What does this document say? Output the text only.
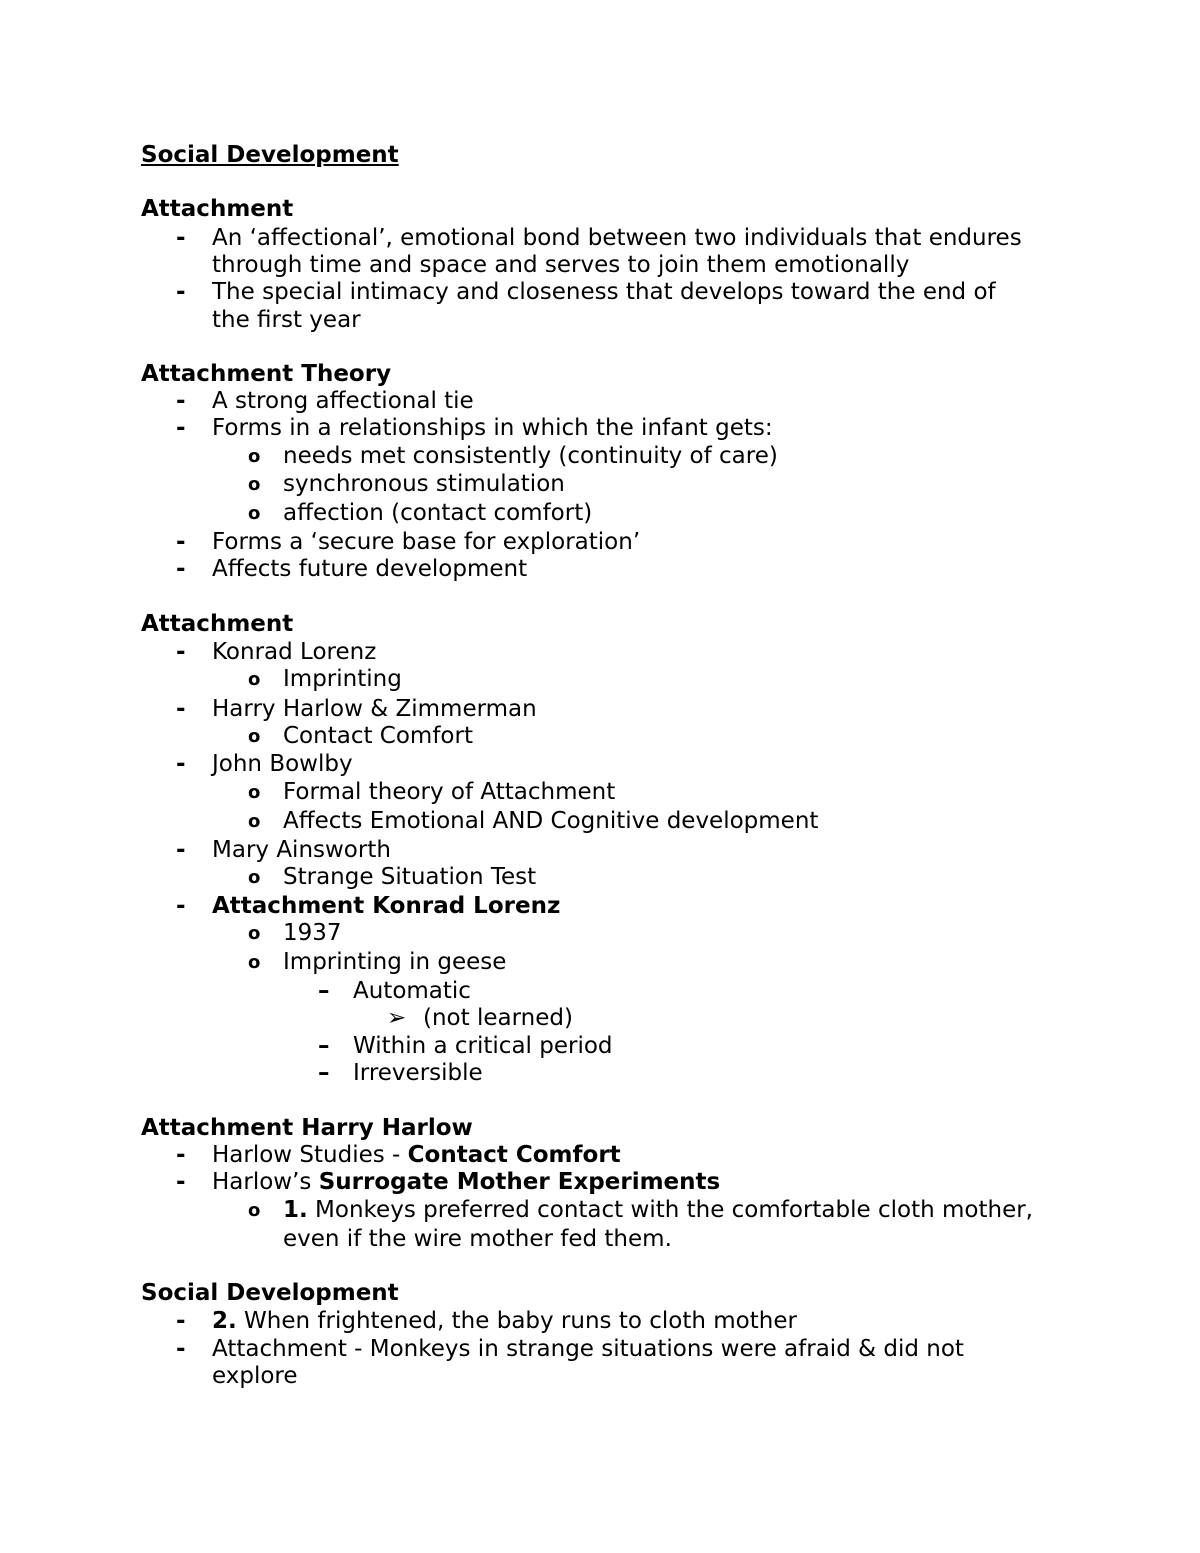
Social Development
Attachment
- An ‘affectional’, emotional bond between two individuals that endures
through time and space and serves to join them emotionally
- The special intimacy and closeness that develops toward the end of
the first year
Attachment Theory
- A strong affectional tie
- Forms in a relationships in which the infant gets:
o needs met consistently (continuity of care)
o synchronous stimulation
o affection (contact comfort)
- Forms a ‘secure base for exploration’
- Affects future development
Attachment
- Konrad Lorenz
o Imprinting
- Harry Harlow & Zimmerman
o Contact Comfort
- John Bowlby
o Formal theory of Attachment
o Affects Emotional AND Cognitive development
- Mary Ainsworth
o Strange Situation Test
- Attachment Konrad Lorenz
o 1937
o Imprinting in geese
– Automatic
➢ (not learned)
– Within a critical period
– Irreversible
Attachment Harry Harlow
- Harlow Studies - Contact Comfort
- Harlow’s Surrogate Mother Experiments
o 1. Monkeys preferred contact with the comfortable cloth mother,
even if the wire mother fed them.
Social Development
- 2. When frightened, the baby runs to cloth mother
- Attachment - Monkeys in strange situations were afraid & did not
explore
